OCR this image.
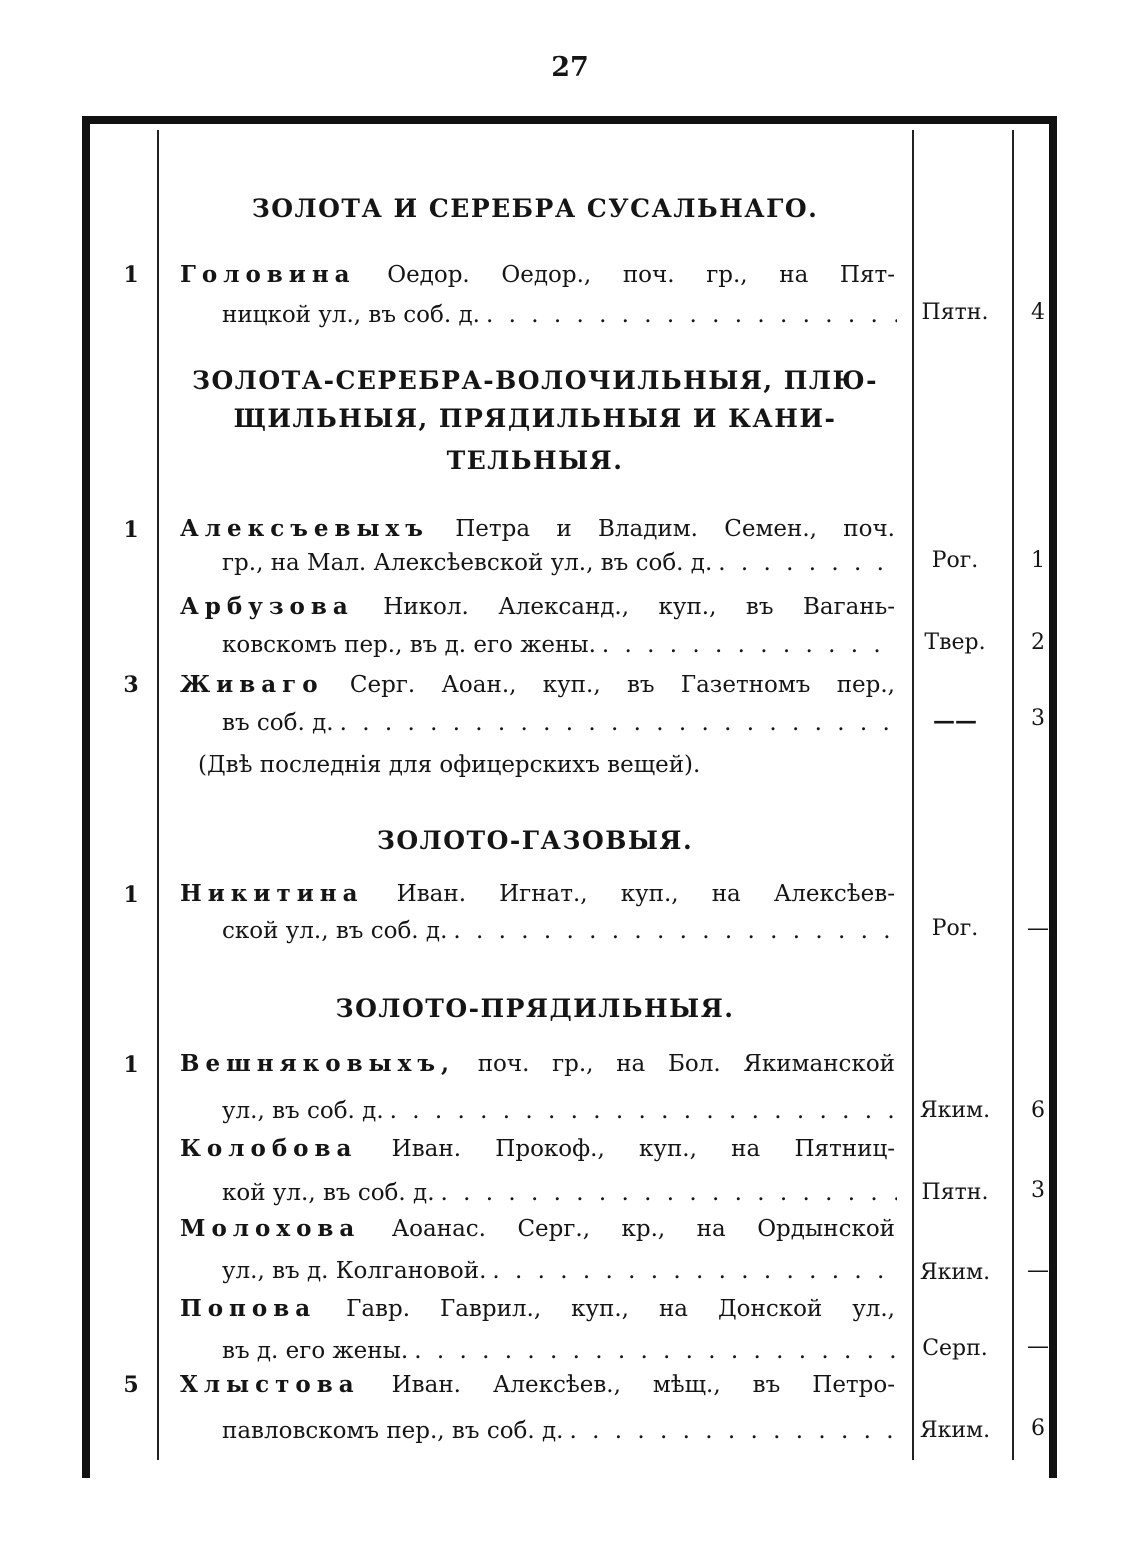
27
ЗОЛОТА И СЕРЕБРА СУСАЛЬНАГО.
1 Головина Оедор. Оедор., поч. гр., на Пят-
ницкой ул., въ соб. д. . . .	Пятн.	4
ЗОЛОТА-СЕРЕБРА-ВОЛОЧИЛЬНЫЯ, ПЛЮ-
ЩИЛЬНЫЯ, ПРЯДИЛЬНЫЯ И КАНИ-
ТЕЛЬНЫЯ.
1 Алексъевыхъ Петра и Владим. Семен., поч.
гр., на Мал. Алексѣевской ул., въ соб. д. . . .	Рог.	1
Арбузова Никол. Александ., куп., въ Вагань-
ковскомъ пер., въ д. его жены. . . .	Твер.	2
3 Живаго Серг. Аоан., куп., въ Газетномъ пер.,
въ соб. д. . . .	——	3
(Двѣ последнія для офицерскихъ вещей).
ЗОЛОТО-ГАЗОВЫЯ.
1 Никитина Иван. Игнат., куп., на Алексѣев-
ской ул., въ соб. д. . . .	Рог.	—
ЗОЛОТО-ПРЯДИЛЬНЫЯ.
1 Вешняковыхъ, поч. гр., на Бол. Якиманской
ул., въ соб. д. . . .	Яким.	6
Колобова Иван. Прокоф., куп., на Пятниц-
кой ул., въ соб. д. . . .	Пятн.	3
Молохова Аоанас. Серг., кр., на Ордынской
ул., въ д. Колгановой. . . .	Яким.	—
Попова Гавр. Гаврил., куп., на Донской ул.,
въ д. его жены. . . .	Серп.	—
5 Хлыстова Иван. Алексѣев., мѣщ., въ Петро-
павловскомъ пер., въ соб. д. . . .	Яким.	6
